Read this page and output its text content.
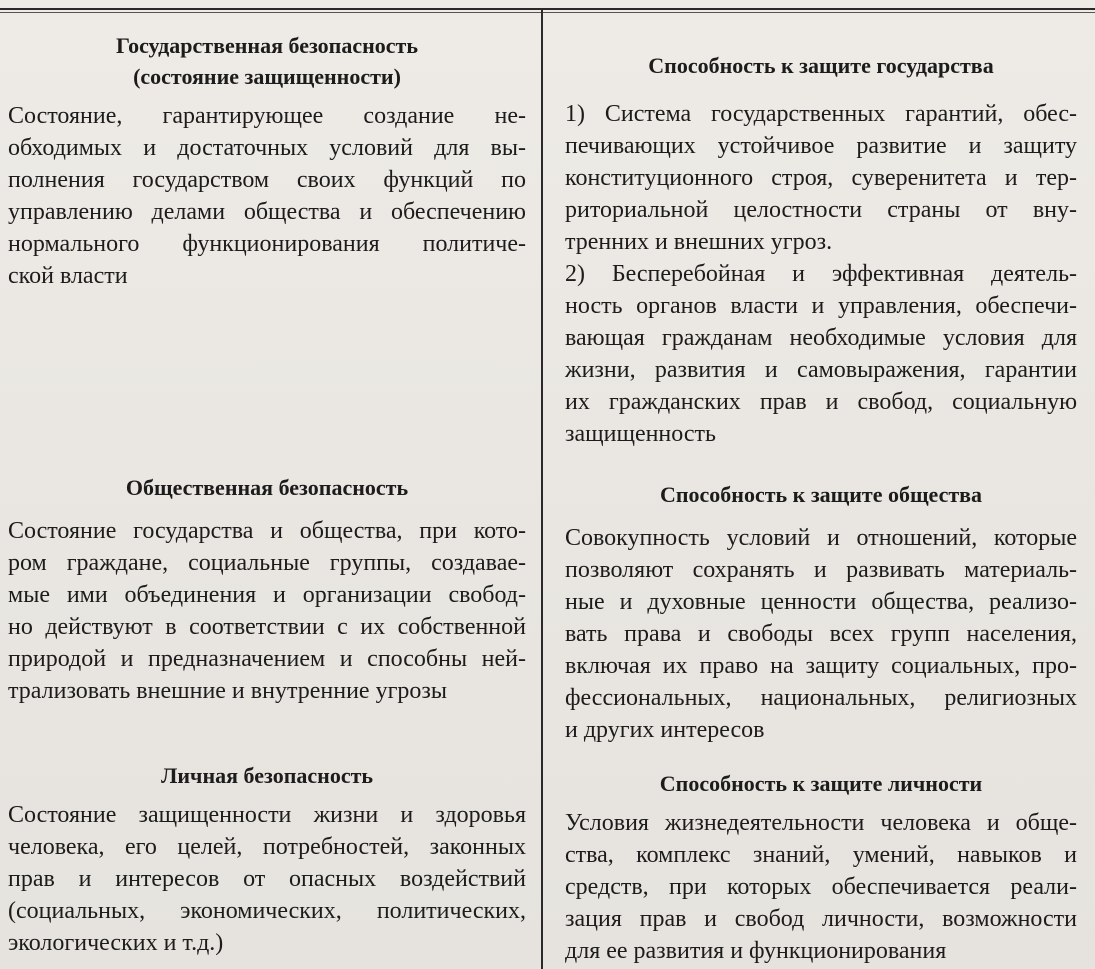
Государственная безопасность
(состояние защищенности)
Состояние, гарантирующее создание не-
обходимых и достаточных условий для вы-
полнения государством своих функций по
управлению делами общества и обеспечению
нормального функционирования политиче-
ской власти
Общественная безопасность
Состояние государства и общества, при кото-
ром граждане, социальные группы, создавае-
мые ими объединения и организации свобод-
но действуют в соответствии с их собственной
природой и предназначением и способны ней-
трализовать внешние и внутренние угрозы
Личная безопасность
Состояние защищенности жизни и здоровья
человека, его целей, потребностей, законных
прав и интересов от опасных воздействий
(социальных, экономических, политических,
экологических и т.д.)
Способность к защите государства
1) Система государственных гарантий, обес-
печивающих устойчивое развитие и защиту
конституционного строя, суверенитета и тер-
риториальной целостности страны от вну-
тренних и внешних угроз.
2) Бесперебойная и эффективная деятель-
ность органов власти и управления, обеспечи-
вающая гражданам необходимые условия для
жизни, развития и самовыражения, гарантии
их гражданских прав и свобод, социальную
защищенность
Способность к защите общества
Совокупность условий и отношений, которые
позволяют сохранять и развивать материаль-
ные и духовные ценности общества, реализо-
вать права и свободы всех групп населения,
включая их право на защиту социальных, про-
фессиональных, национальных, религиозных
и других интересов
Способность к защите личности
Условия жизнедеятельности человека и обще-
ства, комплекс знаний, умений, навыков и
средств, при которых обеспечивается реали-
зация прав и свобод личности, возможности
для ее развития и функционирования
